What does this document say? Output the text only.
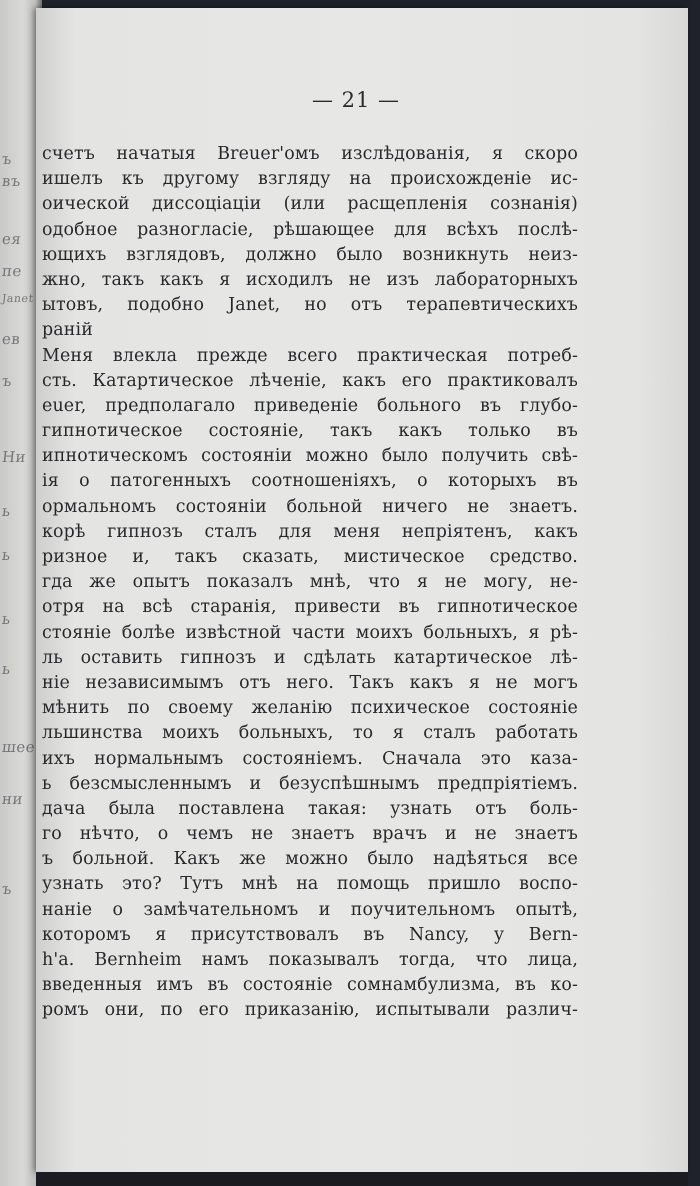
ъ
въ
ея
пе
Janet
ев
ъ
Ни
ь
ь
ь
ь
шее
ни
ъ
— 21 —
счетъ начатыя Breuer'омъ изслѣдованія, я скоро
ишелъ къ другому взгляду на происхожденіе ис-
оической диссоціаціи (или расщепленія сознанія)
одобное разногласіе, рѣшающее для всѣхъ послѣ-
ющихъ взглядовъ, должно было возникнуть неиз-
жно, такъ какъ я исходилъ не изъ лабораторныхъ
ытовъ, подобно Janet, но отъ терапевтическихъ
раній
Меня влекла прежде всего практическая потреб-
сть. Катартическое лѣченіе, какъ его практиковалъ
euer, предполагало приведеніе больного въ глубо-
гипнотическое состояніе, такъ какъ только въ
ипнотическомъ состояніи можно было получить свѣ-
ія о патогенныхъ соотношеніяхъ, о которыхъ въ
ормальномъ состояніи больной ничего не знаетъ.
корѣ гипнозъ сталъ для меня непріятенъ, какъ
ризное и, такъ сказать, мистическое средство.
гда же опытъ показалъ мнѣ, что я не могу, не-
отря на всѣ старанія, привести въ гипнотическое
стояніе болѣе извѣстной части моихъ больныхъ, я рѣ-
ль оставить гипнозъ и сдѣлать катартическое лѣ-
ніе независимымъ отъ него. Такъ какъ я не могъ
мѣнить по своему желанію психическое состояніе
льшинства моихъ больныхъ, то я сталъ работать
ихъ нормальнымъ состояніемъ. Сначала это каза-
ь безсмысленнымъ и безуспѣшнымъ предпріятіемъ.
дача была поставлена такая: узнать отъ боль-
го нѣчто, о чемъ не знаетъ врачъ и не знаетъ
ъ больной. Какъ же можно было надѣяться все
узнать это? Тутъ мнѣ на помощь пришло воспо-
наніе о замѣчательномъ и поучительномъ опытѣ,
которомъ я присутствовалъ въ Nancy, у Bern-
h'a. Bernheim намъ показывалъ тогда, что лица,
введенныя имъ въ состояніе сомнамбулизма, въ ко-
ромъ они, по его приказанію, испытывали различ-
